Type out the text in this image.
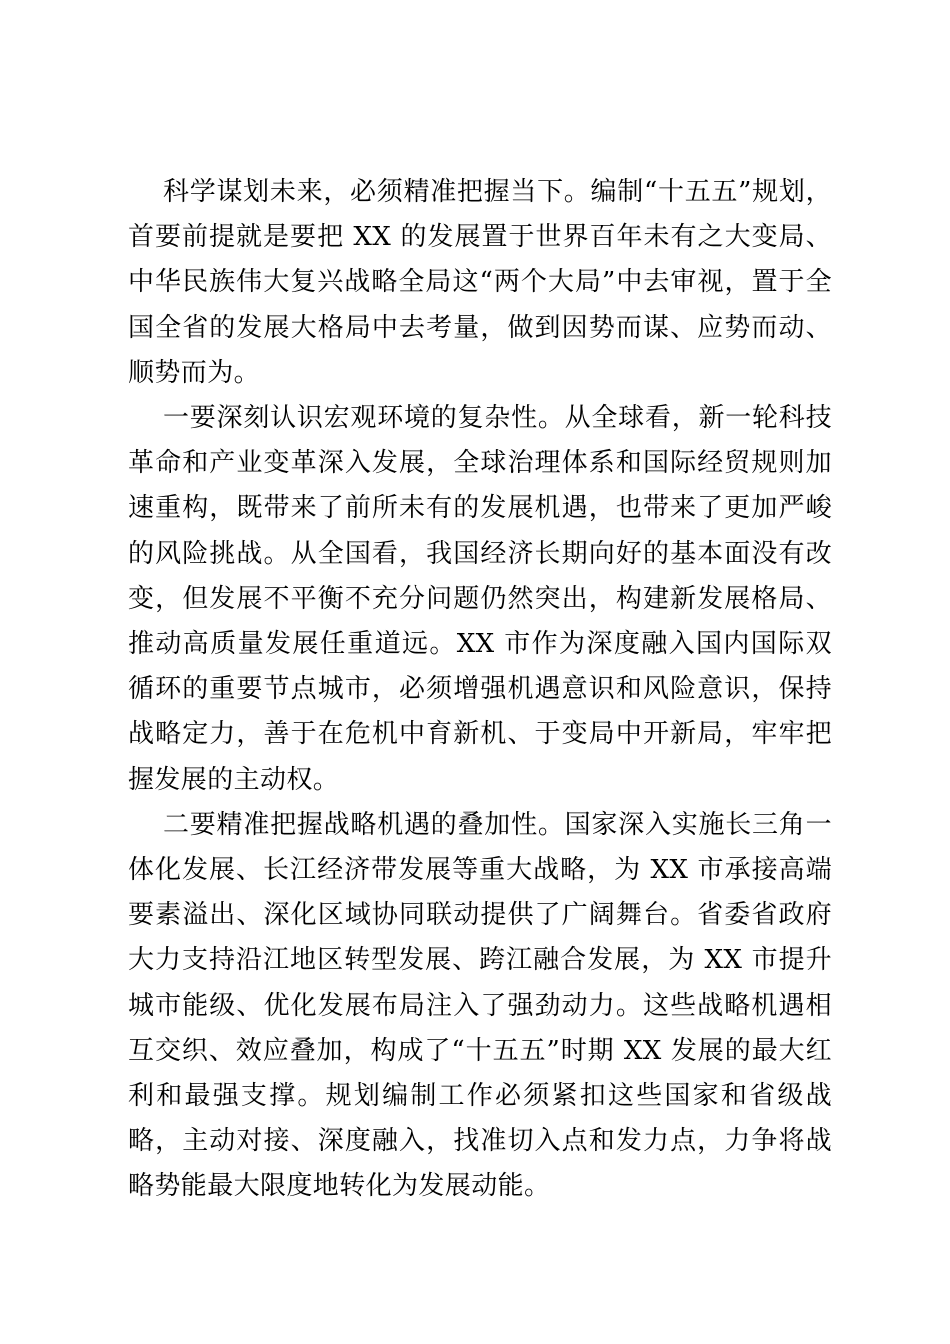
科学谋划未来，必须精准把握当下。编制“十五五”规划，首要前提就是要把 XX 的发展置于世界百年未有之大变局、中华民族伟大复兴战略全局这“两个大局”中去审视，置于全国全省的发展大格局中去考量，做到因势而谋、应势而动、顺势而为。

一要深刻认识宏观环境的复杂性。从全球看，新一轮科技革命和产业变革深入发展，全球治理体系和国际经贸规则加速重构，既带来了前所未有的发展机遇，也带来了更加严峻的风险挑战。从全国看，我国经济长期向好的基本面没有改变，但发展不平衡不充分问题仍然突出，构建新发展格局、推动高质量发展任重道远。XX 市作为深度融入国内国际双循环的重要节点城市，必须增强机遇意识和风险意识，保持战略定力，善于在危机中育新机、于变局中开新局，牢牢把握发展的主动权。

二要精准把握战略机遇的叠加性。国家深入实施长三角一体化发展、长江经济带发展等重大战略，为 XX 市承接高端要素溢出、深化区域协同联动提供了广阔舞台。省委省政府大力支持沿江地区转型发展、跨江融合发展，为 XX 市提升城市能级、优化发展布局注入了强劲动力。这些战略机遇相互交织、效应叠加，构成了“十五五”时期 XX 发展的最大红利和最强支撑。规划编制工作必须紧扣这些国家和省级战略，主动对接、深度融入，找准切入点和发力点，力争将战略势能最大限度地转化为发展动能。
